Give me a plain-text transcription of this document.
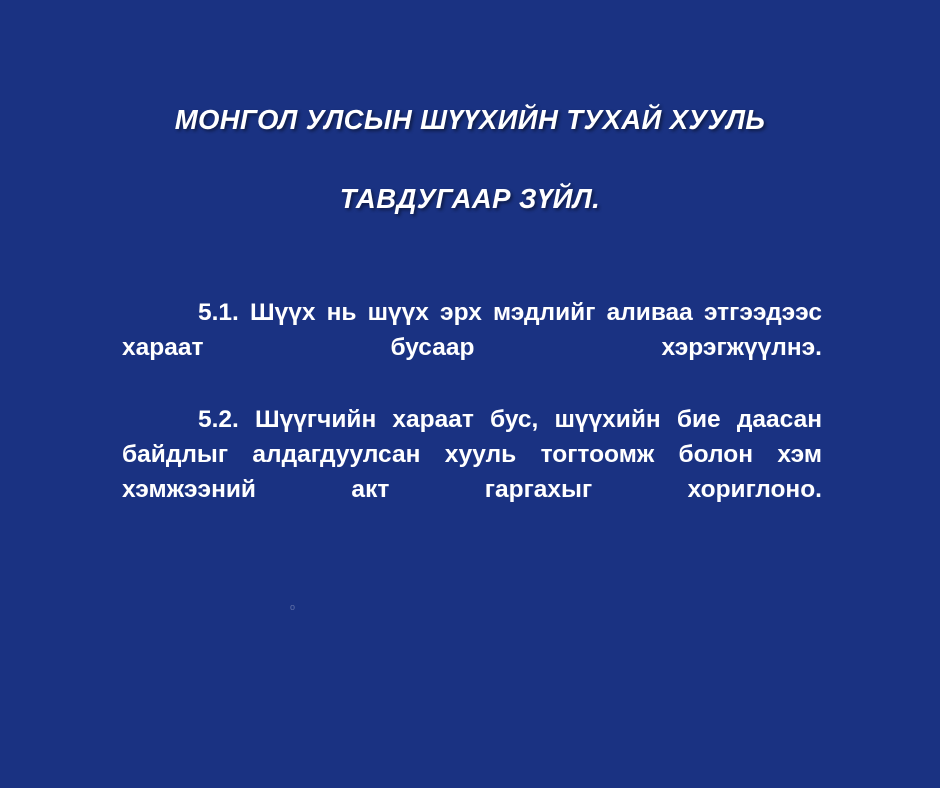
МОНГОЛ УЛСЫН ШҮҮХИЙН ТУХАЙ ХУУЛЬ
ТАВДУГААР ЗҮЙЛ.

5.1. Шүүх нь шүүх эрх мэдлийг аливаа этгээдээс хараат бусаар хэрэгжүүлнэ.

5.2. Шүүгчийн хараат бус, шүүхийн бие даасан байдлыг алдагдуулсан хууль тогтоомж болон хэм хэмжээний акт гаргахыг хориглоно.

o
